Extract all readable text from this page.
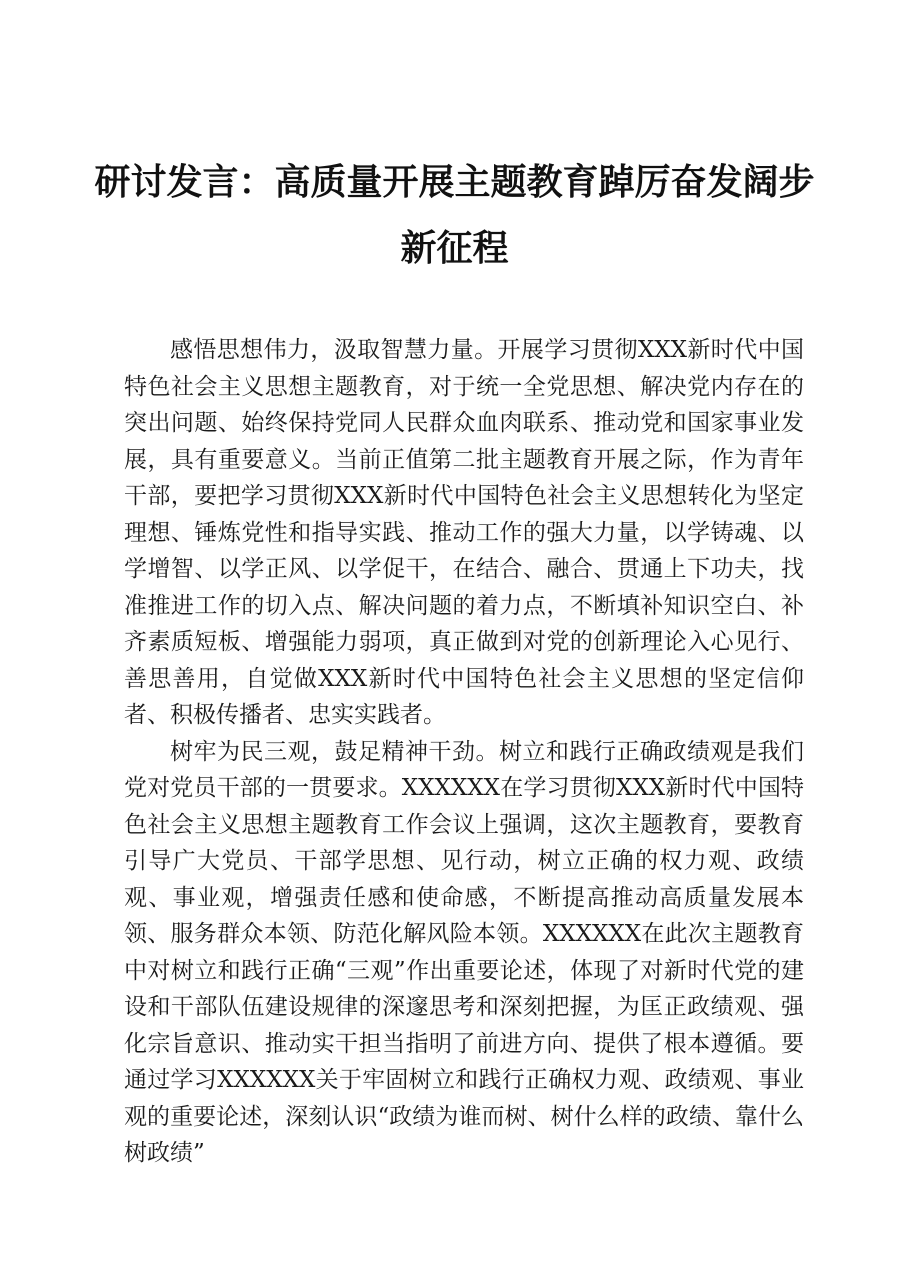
研讨发言：高质量开展主题教育踔厉奋发阔步
新征程

感悟思想伟力，汲取智慧力量。开展学习贯彻XXX新时代中国特色社会主义思想主题教育，对于统一全党思想、解决党内存在的突出问题、始终保持党同人民群众血肉联系、推动党和国家事业发展，具有重要意义。当前正值第二批主题教育开展之际，作为青年干部，要把学习贯彻XXX新时代中国特色社会主义思想转化为坚定理想、锤炼党性和指导实践、推动工作的强大力量，以学铸魂、以学增智、以学正风、以学促干，在结合、融合、贯通上下功夫，找准推进工作的切入点、解决问题的着力点，不断填补知识空白、补齐素质短板、增强能力弱项，真正做到对党的创新理论入心见行、善思善用，自觉做XXX新时代中国特色社会主义思想的坚定信仰者、积极传播者、忠实实践者。

树牢为民三观，鼓足精神干劲。树立和践行正确政绩观是我们党对党员干部的一贯要求。XXXXXX在学习贯彻XXX新时代中国特色社会主义思想主题教育工作会议上强调，这次主题教育，要教育引导广大党员、干部学思想、见行动，树立正确的权力观、政绩观、事业观，增强责任感和使命感，不断提高推动高质量发展本领、服务群众本领、防范化解风险本领。XXXXXX在此次主题教育中对树立和践行正确“三观”作出重要论述，体现了对新时代党的建设和干部队伍建设规律的深邃思考和深刻把握，为匡正政绩观、强化宗旨意识、推动实干担当指明了前进方向、提供了根本遵循。要通过学习XXXXXX关于牢固树立和践行正确权力观、政绩观、事业观的重要论述，深刻认识“政绩为谁而树、树什么样的政绩、靠什么树政绩”
